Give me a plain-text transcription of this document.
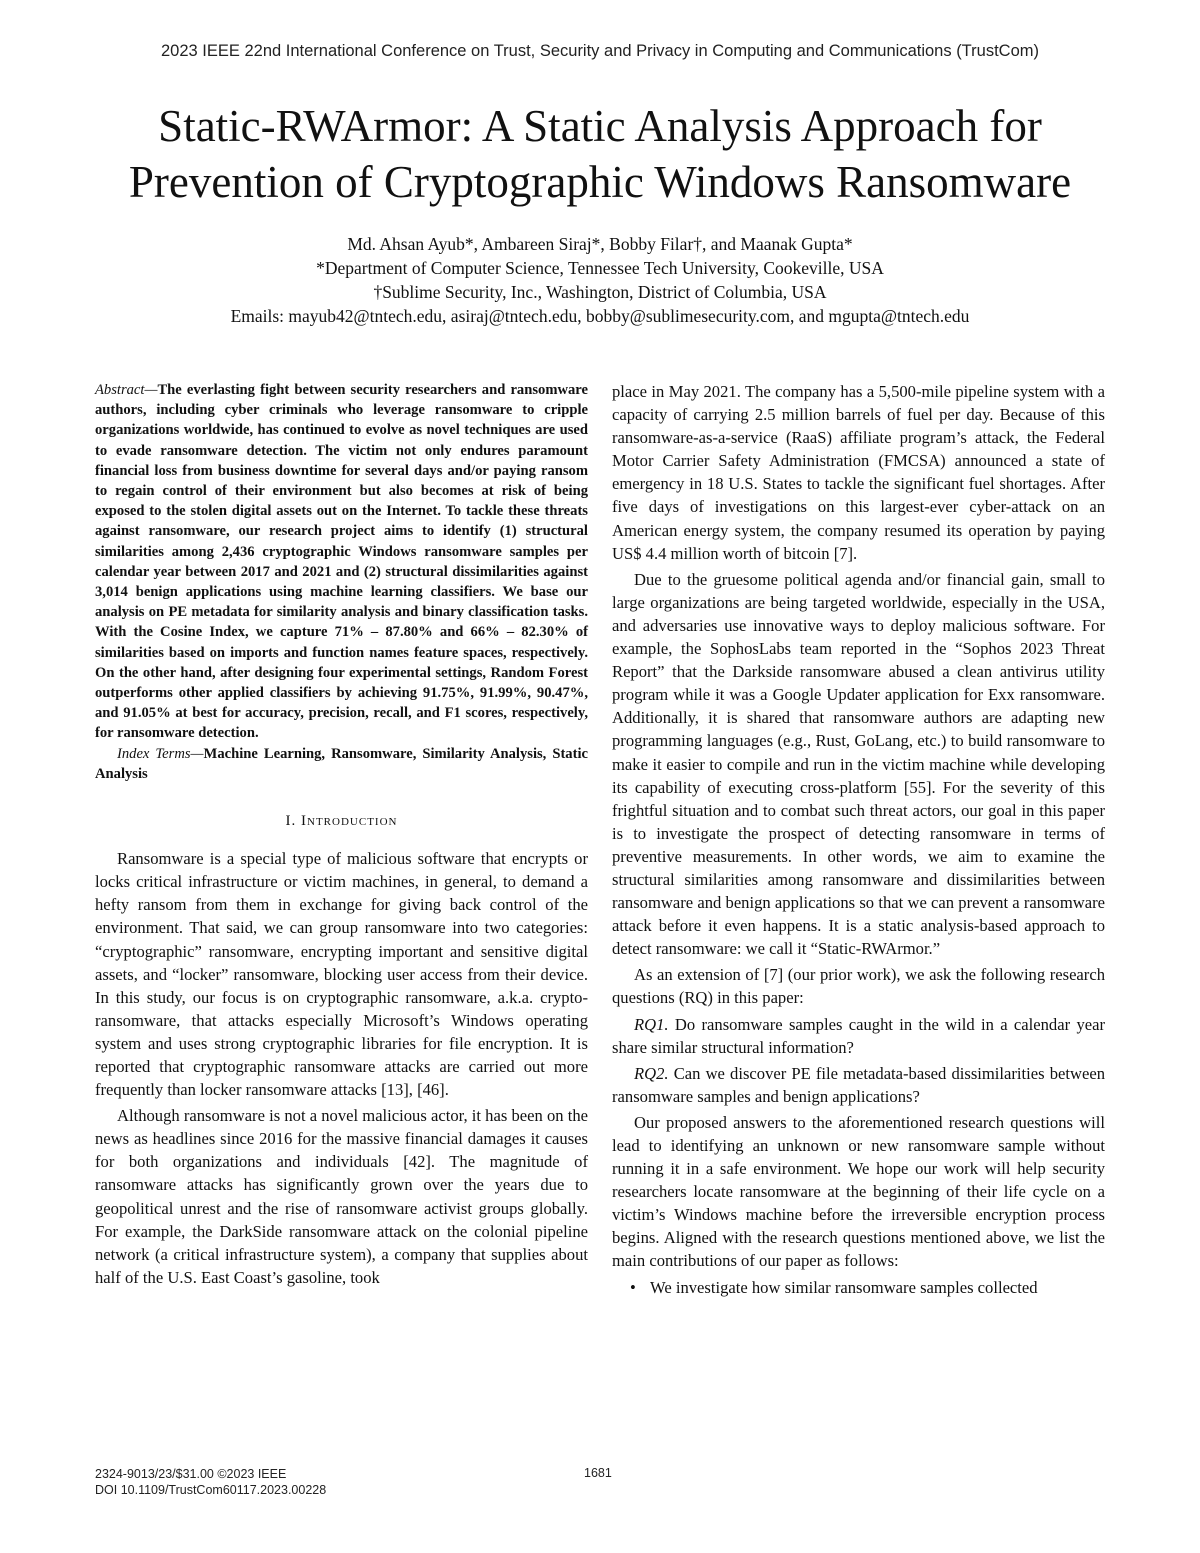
2023 IEEE 22nd International Conference on Trust, Security and Privacy in Computing and Communications (TrustCom)
Static-RWArmor: A Static Analysis Approach for
Prevention of Cryptographic Windows Ransomware
Md. Ahsan Ayub*, Ambareen Siraj*, Bobby Filar†, and Maanak Gupta*
*Department of Computer Science, Tennessee Tech University, Cookeville, USA
†Sublime Security, Inc., Washington, District of Columbia, USA
Emails: mayub42@tntech.edu, asiraj@tntech.edu, bobby@sublimesecurity.com, and mgupta@tntech.edu

Abstract—The everlasting fight between security researchers and ransomware authors, including cyber criminals who leverage ransomware to cripple organizations worldwide, has continued to evolve as novel techniques are used to evade ransomware detection. The victim not only endures paramount financial loss from business downtime for several days and/or paying ransom to regain control of their environment but also becomes at risk of being exposed to the stolen digital assets out on the Internet. To tackle these threats against ransomware, our research project aims to identify (1) structural similarities among 2,436 cryptographic Windows ransomware samples per calendar year between 2017 and 2021 and (2) structural dissimilarities against 3,014 benign applications using machine learning classifiers. We base our analysis on PE metadata for similarity analysis and binary classification tasks. With the Cosine Index, we capture 71% – 87.80% and 66% – 82.30% of similarities based on imports and function names feature spaces, respectively. On the other hand, after designing four experimental settings, Random Forest outperforms other applied classifiers by achieving 91.75%, 91.99%, 90.47%, and 91.05% at best for accuracy, precision, recall, and F1 scores, respectively, for ransomware detection.

Index Terms—Machine Learning, Ransomware, Similarity Analysis, Static Analysis

I. Introduction

Ransomware is a special type of malicious software that encrypts or locks critical infrastructure or victim machines, in general, to demand a hefty ransom from them in exchange for giving back control of the environment. That said, we can group ransomware into two categories: “cryptographic” ransomware, encrypting important and sensitive digital assets, and “locker” ransomware, blocking user access from their device. In this study, our focus is on cryptographic ransomware, a.k.a. crypto-ransomware, that attacks especially Microsoft’s Windows operating system and uses strong cryptographic libraries for file encryption. It is reported that cryptographic ransomware attacks are carried out more frequently than locker ransomware attacks [13], [46].

Although ransomware is not a novel malicious actor, it has been on the news as headlines since 2016 for the massive financial damages it causes for both organizations and individuals [42]. The magnitude of ransomware attacks has significantly grown over the years due to geopolitical unrest and the rise of ransomware activist groups globally. For example, the DarkSide ransomware attack on the colonial pipeline network (a critical infrastructure system), a company that supplies about half of the U.S. East Coast’s gasoline, took

place in May 2021. The company has a 5,500-mile pipeline system with a capacity of carrying 2.5 million barrels of fuel per day. Because of this ransomware-as-a-service (RaaS) affiliate program’s attack, the Federal Motor Carrier Safety Administration (FMCSA) announced a state of emergency in 18 U.S. States to tackle the significant fuel shortages. After five days of investigations on this largest-ever cyber-attack on an American energy system, the company resumed its operation by paying US$ 4.4 million worth of bitcoin [7].

Due to the gruesome political agenda and/or financial gain, small to large organizations are being targeted worldwide, especially in the USA, and adversaries use innovative ways to deploy malicious software. For example, the SophosLabs team reported in the “Sophos 2023 Threat Report” that the Darkside ransomware abused a clean antivirus utility program while it was a Google Updater application for Exx ransomware. Additionally, it is shared that ransomware authors are adapting new programming languages (e.g., Rust, GoLang, etc.) to build ransomware to make it easier to compile and run in the victim machine while developing its capability of executing cross-platform [55]. For the severity of this frightful situation and to combat such threat actors, our goal in this paper is to investigate the prospect of detecting ransomware in terms of preventive measurements. In other words, we aim to examine the structural similarities among ransomware and dissimilarities between ransomware and benign applications so that we can prevent a ransomware attack before it even happens. It is a static analysis-based approach to detect ransomware: we call it “Static-RWArmor.”

As an extension of [7] (our prior work), we ask the following research questions (RQ) in this paper:

RQ1. Do ransomware samples caught in the wild in a calendar year share similar structural information?

RQ2. Can we discover PE file metadata-based dissimilarities between ransomware samples and benign applications?

Our proposed answers to the aforementioned research questions will lead to identifying an unknown or new ransomware sample without running it in a safe environment. We hope our work will help security researchers locate ransomware at the beginning of their life cycle on a victim’s Windows machine before the irreversible encryption process begins. Aligned with the research questions mentioned above, we list the main contributions of our paper as follows:

• We investigate how similar ransomware samples collected
2324-9013/23/$31.00 ©2023 IEEE
DOI 10.1109/TrustCom60117.2023.00228
1681
